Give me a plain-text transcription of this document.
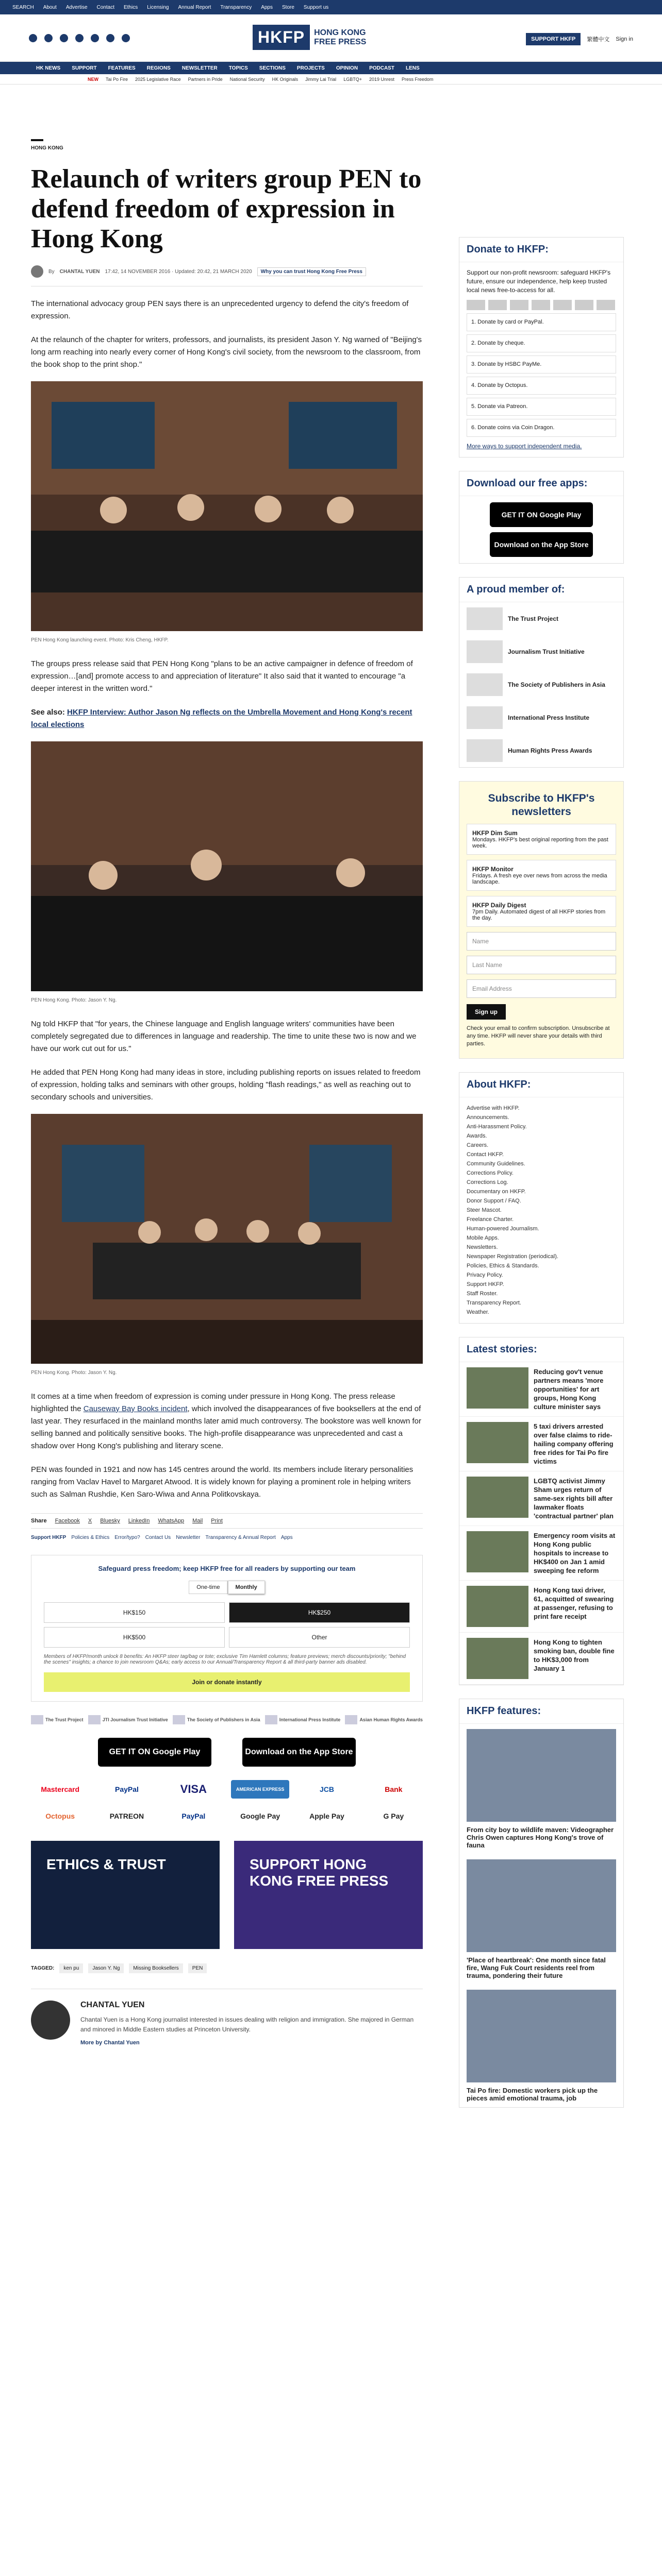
SEARCH About Advertise Contact Ethics Licensing Annual Report Transparency Apps Store Support us
HKFP	HONG KONG
FREE PRESS	SUPPORT HKFP	繁體中文 Sign in
HK NEWS SUPPORT FEATURES REGIONS NEWSLETTER TOPICS SECTIONS PROJECTS OPINION PODCAST LENS
NEW Tai Po Fire 2025 Legislative Race Partners in Pride National Security HK Originals Jimmy Lai Trial LGBTQ+ 2019 Unrest Press Freedom
HONG KONG
Relaunch of writers group PEN to defend freedom of expression in Hong Kong
By CHANTAL YUEN 17:42, 14 NOVEMBER 2016 · Updated: 20:42, 21 MARCH 2020	Why you can trust Hong Kong Free Press

The international advocacy group PEN says there is an unprecedented urgency to defend the city's freedom of expression.

At the relaunch of the chapter for writers, professors, and journalists, its president Jason Y. Ng warned of "Beijing's long arm reaching into nearly every corner of Hong Kong's civil society, from the newsroom to the classroom, from the book shop to the print shop."

PEN Hong Kong launching event. Photo: Kris Cheng, HKFP.

The groups press release said that PEN Hong Kong "plans to be an active campaigner in defence of freedom of expression…[and] promote access to and appreciation of literature" It also said that it wanted to encourage "a deeper interest in the written word."

See also: HKFP Interview: Author Jason Ng reflects on the Umbrella Movement and Hong Kong's recent local elections

PEN Hong Kong. Photo: Jason Y. Ng.

Ng told HKFP that "for years, the Chinese language and English language writers' communities have been completely segregated due to differences in language and readership. The time to unite these two is now and we have our work cut out for us."

He added that PEN Hong Kong had many ideas in store, including publishing reports on issues related to freedom of expression, holding talks and seminars with other groups, holding "flash readings," as well as reaching out to secondary schools and universities.

PEN Hong Kong. Photo: Jason Y. Ng.

It comes at a time when freedom of expression is coming under pressure in Hong Kong. The press release highlighted the Causeway Bay Books incident, which involved the disappearances of five booksellers at the end of last year. They resurfaced in the mainland months later amid much controversy. The bookstore was well known for selling banned and politically sensitive books. The high-profile disappearance was unprecedented and cast a shadow over Hong Kong's publishing and literary scene.

PEN was founded in 1921 and now has 145 centres around the world. Its members include literary personalities ranging from Vaclav Havel to Margaret Atwood. It is widely known for playing a prominent role in helping writers such as Salman Rushdie, Ken Saro-Wiwa and Anna Politkovskaya.

Share Facebook X Bluesky LinkedIn WhatsApp Mail Print
Support HKFP Policies & Ethics Error/typo? Contact Us Newsletter Transparency & Annual Report Apps
Safeguard press freedom; keep HKFP free for all readers by supporting our team
One-time	Monthly
HK$150	HK$250
HK$500	Other
Members of HKFP/month unlock 8 benefits: An HKFP steer tag/bag or tote; exclusive Tim Hamlett columns; feature previews; merch discounts/priority; "behind the scenes" insights; a chance to join newsroom Q&As; early access to our Annual/Transparency Report & all third-party banner ads disabled.
Join or donate instantly
The Trust Project	JTI Journalism Trust Initiative	The Society of Publishers in Asia	International Press Institute	Asian Human Rights Awards
GET IT ON Google Play	Download on the App Store
Mastercard	PayPal	VISA	AMERICAN EXPRESS	JCB	Bank
Octopus	PATREON	PayPal	Google Pay	Apple Pay	G Pay
ETHICS & TRUST	SUPPORT HONG KONG FREE PRESS
TAGGED:	ken pu	Jason Y. Ng	Missing Booksellers	PEN
CHANTAL YUEN
Chantal Yuen is a Hong Kong journalist interested in issues dealing with religion and immigration. She majored in German and minored in Middle Eastern studies at Princeton University.
More by Chantal Yuen
Donate to HKFP:
Support our non-profit newsroom: safeguard HKFP's future, ensure our independence, help keep trusted local news free-to-access for all.
1. Donate by card or PayPal.
2. Donate by cheque.
3. Donate by HSBC PayMe.
4. Donate by Octopus.
5. Donate via Patreon.
6. Donate coins via Coin Dragon.
More ways to support independent media.
Download our free apps:
GET IT ON Google Play
Download on the App Store
A proud member of:
The Trust Project
Journalism Trust Initiative
The Society of Publishers in Asia
International Press Institute
Human Rights Press Awards
Subscribe to HKFP's newsletters
HKFP Dim Sum
Mondays. HKFP's best original reporting from the past week.
HKFP Monitor
Fridays. A fresh eye over news from across the media landscape.
HKFP Daily Digest
7pm Daily. Automated digest of all HKFP stories from the day.
Name
Last Name
Email Address
Sign up
Check your email to confirm subscription. Unsubscribe at any time. HKFP will never share your details with third parties.
About HKFP:
Advertise with HKFP.
Announcements.
Anti-Harassment Policy.
Awards.
Careers.
Contact HKFP.
Community Guidelines.
Corrections Policy.
Corrections Log.
Documentary on HKFP.
Donor Support / FAQ.
Steer Mascot.
Freelance Charter.
Human-powered Journalism.
Mobile Apps.
Newsletters.
Newspaper Registration (periodical).
Policies, Ethics & Standards.
Privacy Policy.
Support HKFP.
Staff Roster.
Transparency Report.
Weather.
Latest stories:
Reducing gov't venue partners means 'more opportunities' for art groups, Hong Kong culture minister says
5 taxi drivers arrested over false claims to ride-hailing company offering free rides for Tai Po fire victims
LGBTQ activist Jimmy Sham urges return of same-sex rights bill after lawmaker floats 'contractual partner' plan
Emergency room visits at Hong Kong public hospitals to increase to HK$400 on Jan 1 amid sweeping fee reform
Hong Kong taxi driver, 61, acquitted of swearing at passenger, refusing to print fare receipt
Hong Kong to tighten smoking ban, double fine to HK$3,000 from January 1
HKFP features:
From city boy to wildlife maven: Videographer Chris Owen captures Hong Kong's trove of fauna
'Place of heartbreak': One month since fatal fire, Wang Fuk Court residents reel from trauma, pondering their future
Tai Po fire: Domestic workers pick up the pieces amid emotional trauma, job
